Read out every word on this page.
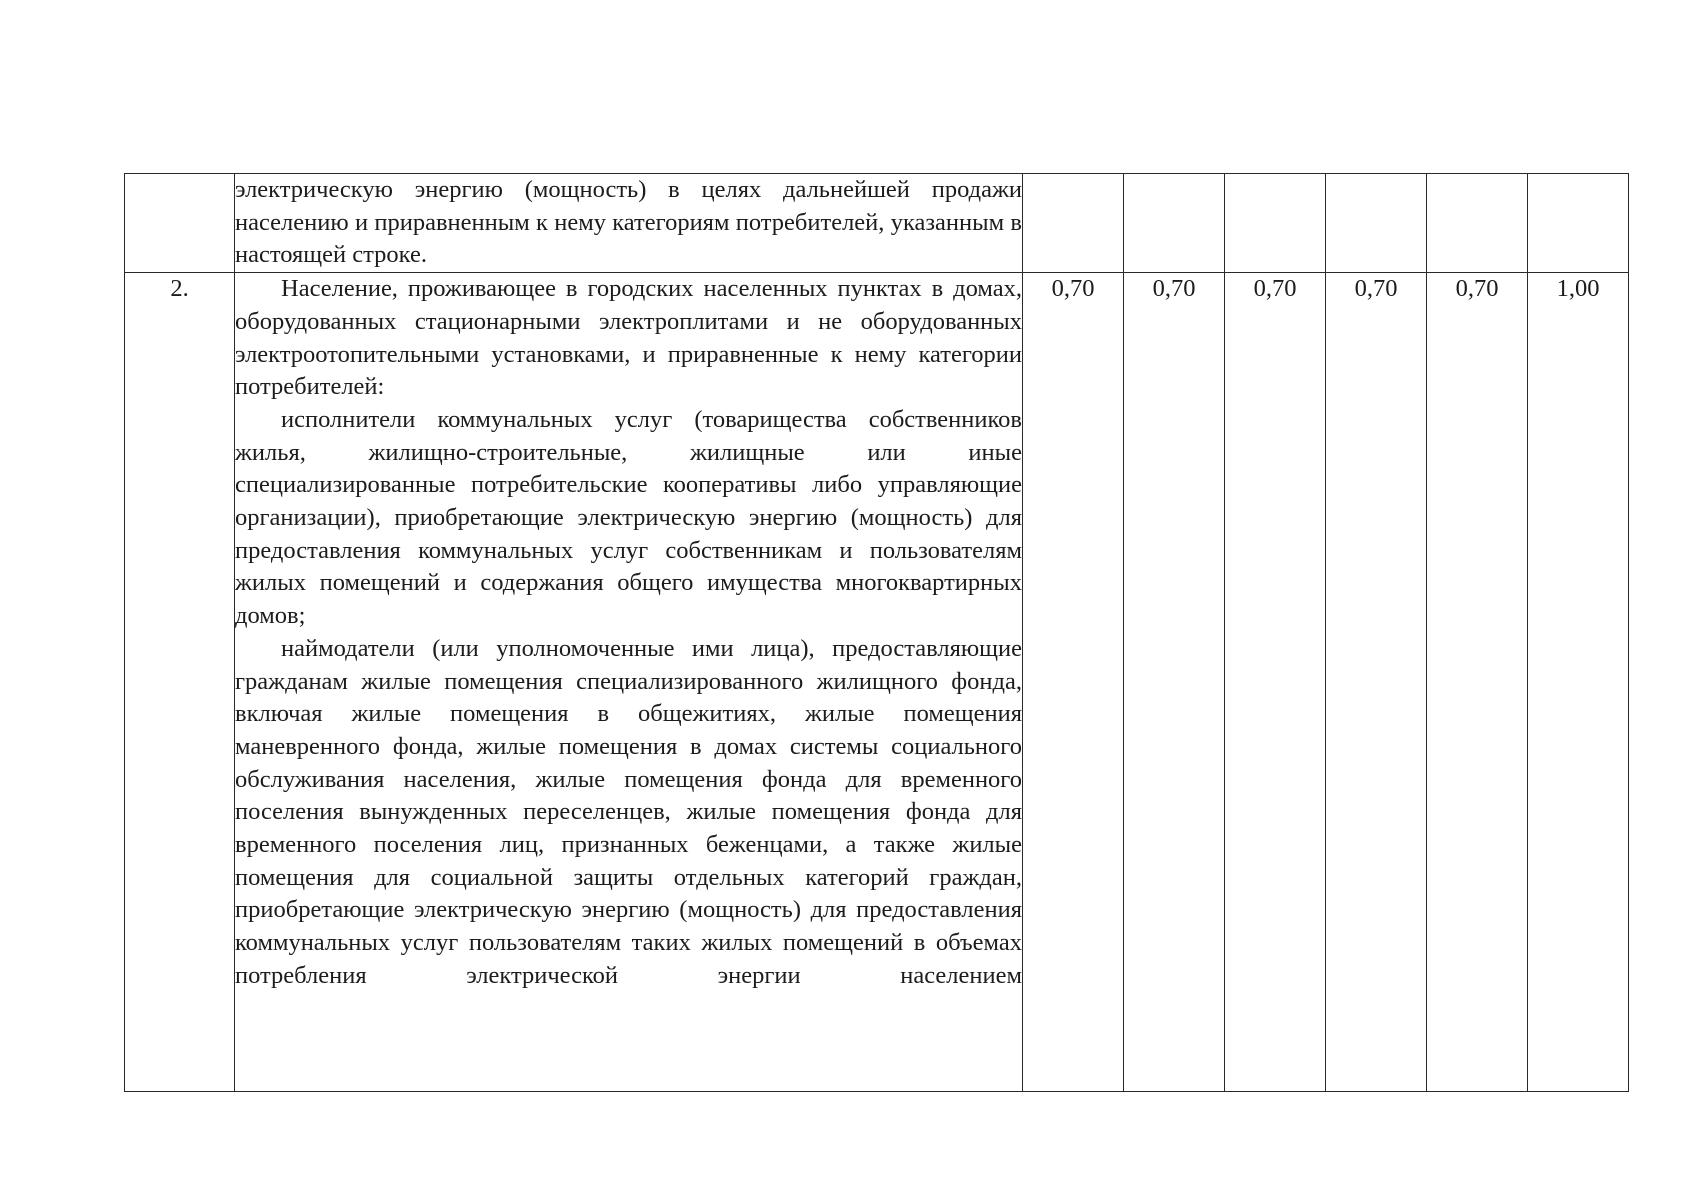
	электрическую энергию (мощность) в целях дальнейшей продажи населению и приравненным к нему категориям потребителей, указанным в настоящей строке.						

2.	Население, проживающее в городских населенных пунктах в домах, оборудованных стационарными электроплитами и не оборудованных электроотопительными установками, и приравненные к нему категории потребителей:

исполнители коммунальных услуг (товарищества собственников жилья, жилищно-строительные, жилищные или иные специализированные потребительские кооперативы либо управляющие организации), приобретающие электрическую энергию (мощность) для предоставления коммунальных услуг собственникам и пользователям жилых помещений и содержания общего имущества многоквартирных домов;

наймодатели (или уполномоченные ими лица), предоставляющие гражданам жилые помещения специализированного жилищного фонда, включая жилые помещения в общежитиях, жилые помещения маневренного фонда, жилые помещения в домах системы социального обслуживания населения, жилые помещения фонда для временного поселения вынужденных переселенцев, жилые помещения фонда для временного поселения лиц, признанных беженцами, а также жилые помещения для социальной защиты отдельных категорий граждан, приобретающие электрическую энергию (мощность) для предоставления коммунальных услуг пользователям таких жилых помещений в объемах потребления электрической энергии населением	0,70	0,70	0,70	0,70	0,70	1,00
